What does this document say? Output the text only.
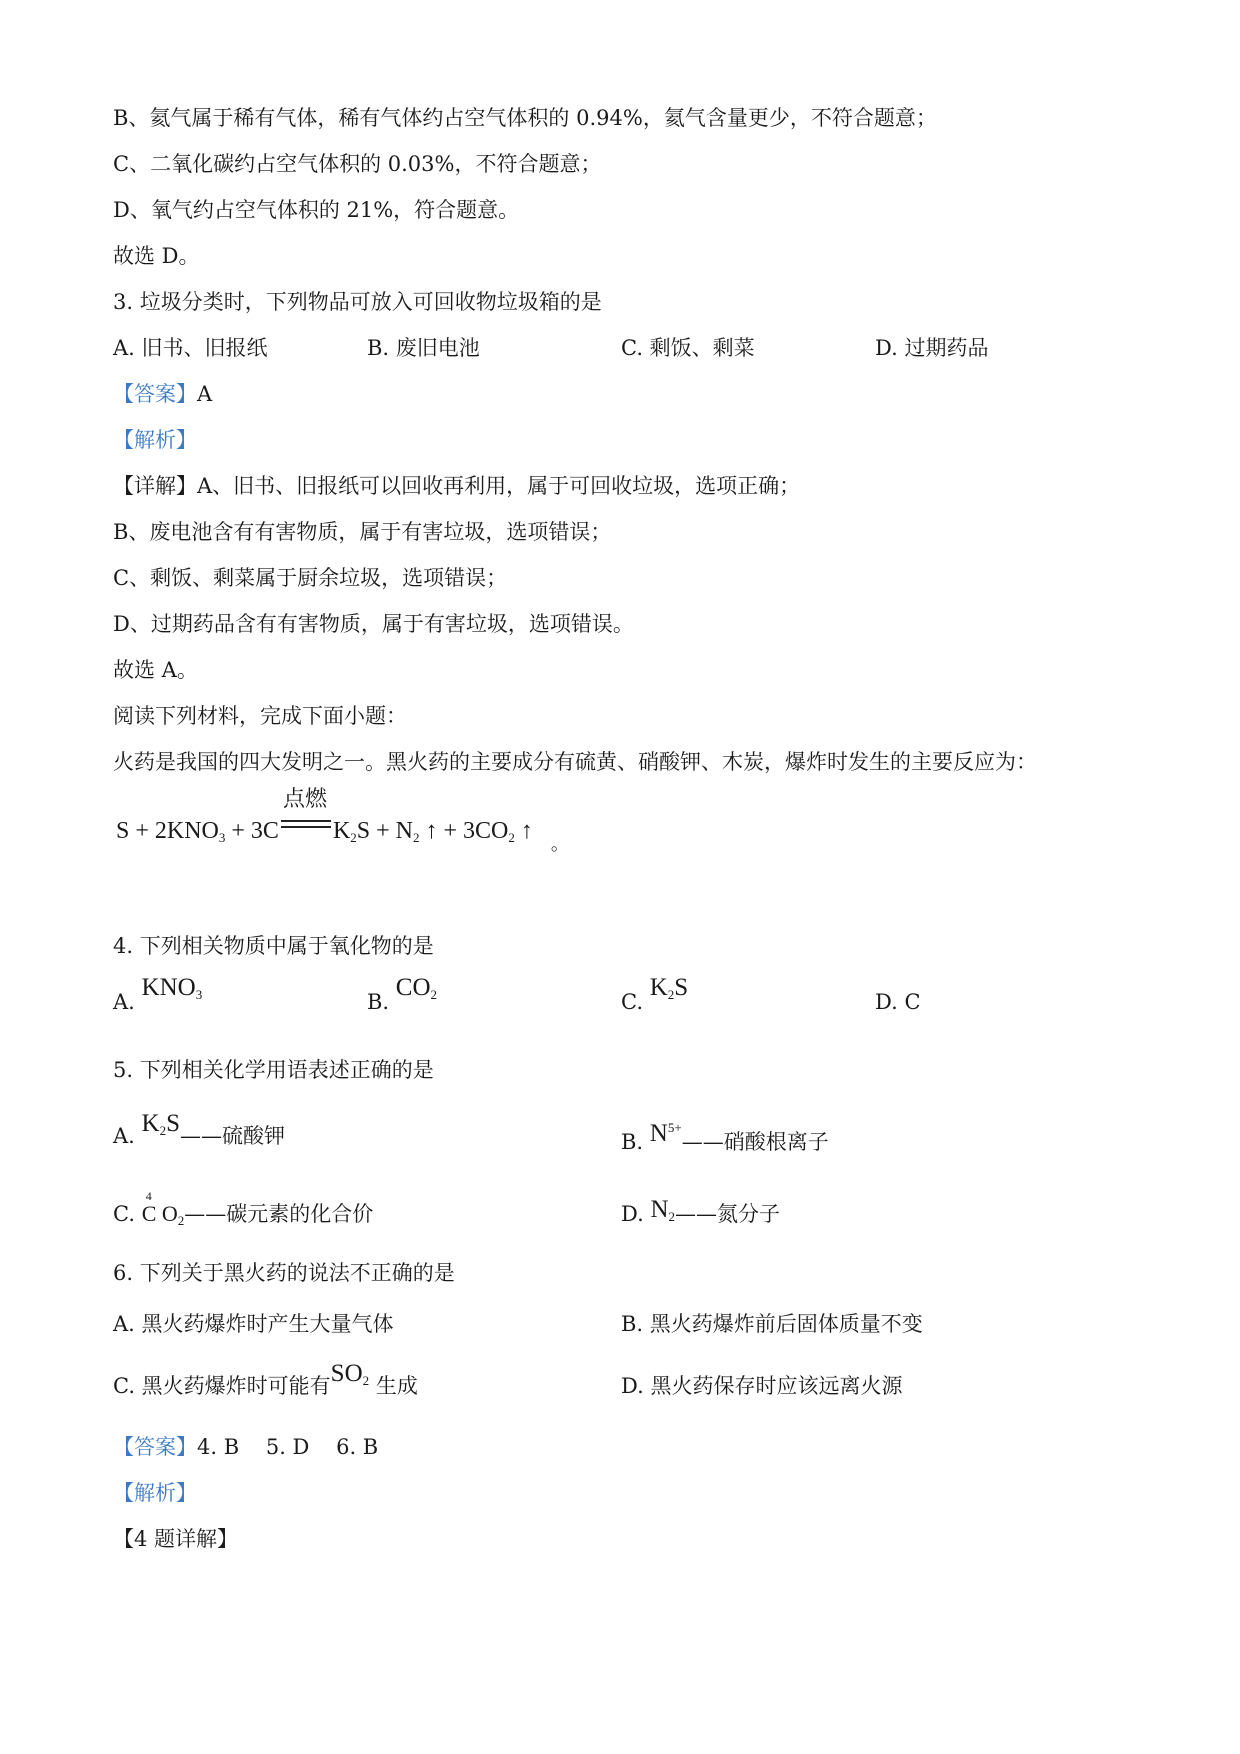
B、氦气属于稀有气体，稀有气体约占空气体积的 0.94%，氦气含量更少，不符合题意；
C、二氧化碳约占空气体积的 0.03%，不符合题意；
D、氧气约占空气体积的 21%，符合题意。
故选 D。
3. 垃圾分类时，下列物品可放入可回收物垃圾箱的是
A. 旧书、旧报纸	B. 废旧电池	C. 剩饭、剩菜	D. 过期药品
【答案】A
【解析】
【详解】A、旧书、旧报纸可以回收再利用，属于可回收垃圾，选项正确；
B、废电池含有有害物质，属于有害垃圾，选项错误；
C、剩饭、剩菜属于厨余垃圾，选项错误；
D、过期药品含有有害物质，属于有害垃圾，选项错误。
故选 A。
阅读下列材料，完成下面小题：
火药是我国的四大发明之一。黑火药的主要成分有硫黄、硝酸钾、木炭，爆炸时发生的主要反应为：
点燃
$S + 2KNO_3 + 3C$ $K_2S + N_2$ ↑ + $3CO_2$ ↑ $_。$
4. 下列相关物质中属于氧化物的是
A. $KNO_3$	B. $CO_2$	C. $K_2S$
D. C
5. 下列相关化学用语表述正确的是
A. $K_2S——$硫酸钾	B. $N^{5+}——$硝酸根离子
C.
4
C $O_2——$碳元素的化合价	D. $N_2——$氮分子
6. 下列关于黑火药的说法不正确的是
A. 黑火药爆炸时产生大量气体	B. 黑火药爆炸前后固体质量不变
C. 黑火药爆炸时可能有$SO_2$ 生成	D. 黑火药保存时应该远离火源
【答案】4. B    5. D    6. B
【解析】
【4 题详解】
